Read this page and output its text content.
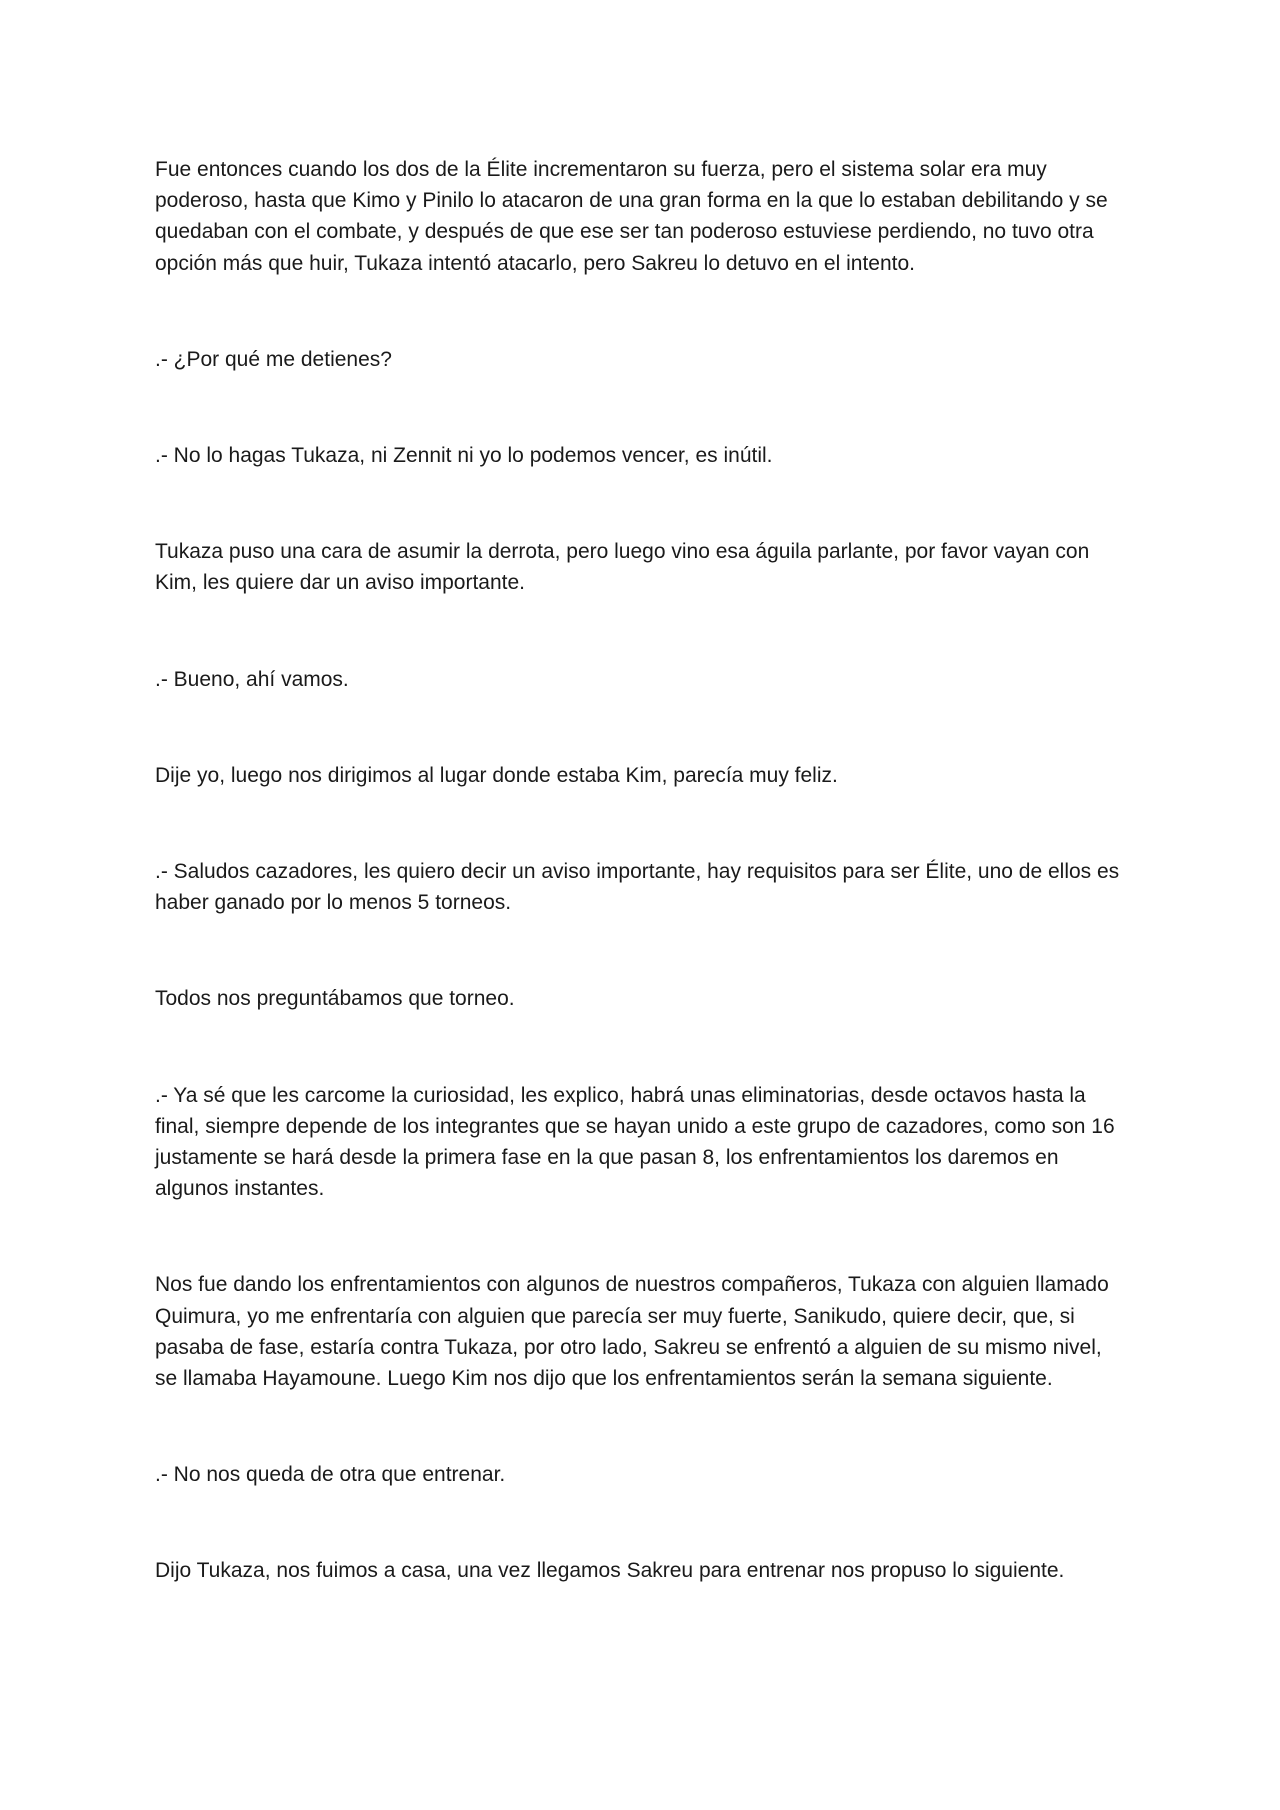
Fue entonces cuando los dos de la Élite incrementaron su fuerza, pero el sistema solar era muy poderoso, hasta que Kimo y Pinilo lo atacaron de una gran forma en la que lo estaban debilitando y se quedaban con el combate, y después de que ese ser tan poderoso estuviese perdiendo, no tuvo otra opción más que huir, Tukaza intentó atacarlo, pero Sakreu lo detuvo en el intento.

.- ¿Por qué me detienes?

.- No lo hagas Tukaza, ni Zennit ni yo lo podemos vencer, es inútil.

Tukaza puso una cara de asumir la derrota, pero luego vino esa águila parlante, por favor vayan con Kim, les quiere dar un aviso importante.

.- Bueno, ahí vamos.

Dije yo, luego nos dirigimos al lugar donde estaba Kim, parecía muy feliz.

.- Saludos cazadores, les quiero decir un aviso importante, hay requisitos para ser Élite, uno de ellos es haber ganado por lo menos 5 torneos.

Todos nos preguntábamos que torneo.

.- Ya sé que les carcome la curiosidad, les explico, habrá unas eliminatorias, desde octavos hasta la final, siempre depende de los integrantes que se hayan unido a este grupo de cazadores, como son 16 justamente se hará desde la primera fase en la que pasan 8, los enfrentamientos los daremos en algunos instantes.

Nos fue dando los enfrentamientos con algunos de nuestros compañeros, Tukaza con alguien llamado Quimura, yo me enfrentaría con alguien que parecía ser muy fuerte, Sanikudo, quiere decir, que, si pasaba de fase, estaría contra Tukaza, por otro lado, Sakreu se enfrentó a alguien de su mismo nivel, se llamaba Hayamoune. Luego Kim nos dijo que los enfrentamientos serán la semana siguiente.

.- No nos queda de otra que entrenar.

Dijo Tukaza, nos fuimos a casa, una vez llegamos Sakreu para entrenar nos propuso lo siguiente.
